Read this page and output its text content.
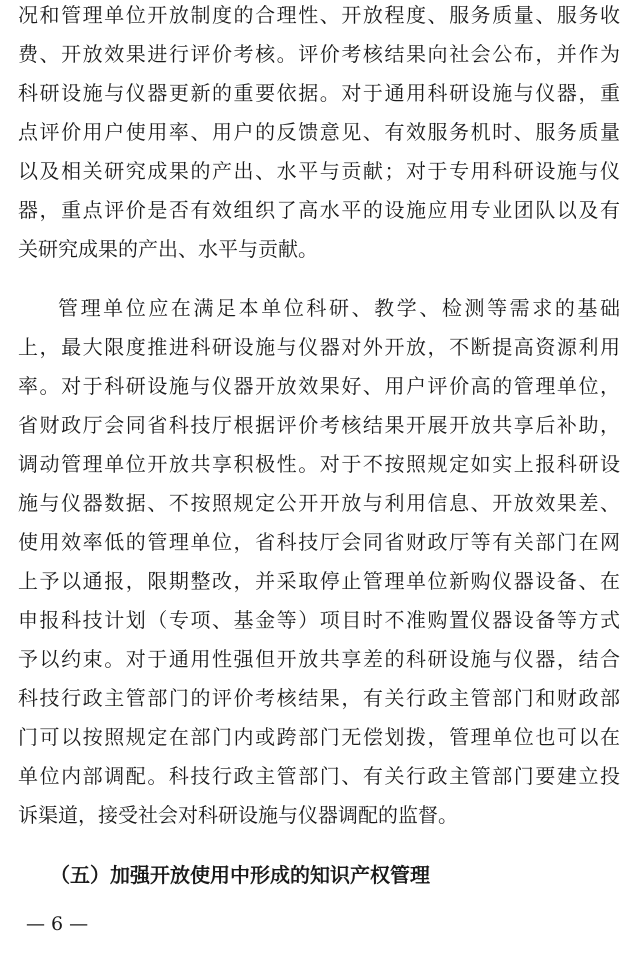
况和管理单位开放制度的合理性、开放程度、服务质量、服务收
费、开放效果进行评价考核。评价考核结果向社会公布，并作为
科研设施与仪器更新的重要依据。对于通用科研设施与仪器，重
点评价用户使用率、用户的反馈意见、有效服务机时、服务质量
以及相关研究成果的产出、水平与贡献；对于专用科研设施与仪
器，重点评价是否有效组织了高水平的设施应用专业团队以及有
关研究成果的产出、水平与贡献。
管理单位应在满足本单位科研、教学、检测等需求的基础
上，最大限度推进科研设施与仪器对外开放，不断提高资源利用
率。对于科研设施与仪器开放效果好、用户评价高的管理单位，
省财政厅会同省科技厅根据评价考核结果开展开放共享后补助，
调动管理单位开放共享积极性。对于不按照规定如实上报科研设
施与仪器数据、不按照规定公开开放与利用信息、开放效果差、
使用效率低的管理单位，省科技厅会同省财政厅等有关部门在网
上予以通报，限期整改，并采取停止管理单位新购仪器设备、在
申报科技计划（专项、基金等）项目时不准购置仪器设备等方式
予以约束。对于通用性强但开放共享差的科研设施与仪器，结合
科技行政主管部门的评价考核结果，有关行政主管部门和财政部
门可以按照规定在部门内或跨部门无偿划拨，管理单位也可以在
单位内部调配。科技行政主管部门、有关行政主管部门要建立投
诉渠道，接受社会对科研设施与仪器调配的监督。
（五）加强开放使用中形成的知识产权管理
— 6 —
